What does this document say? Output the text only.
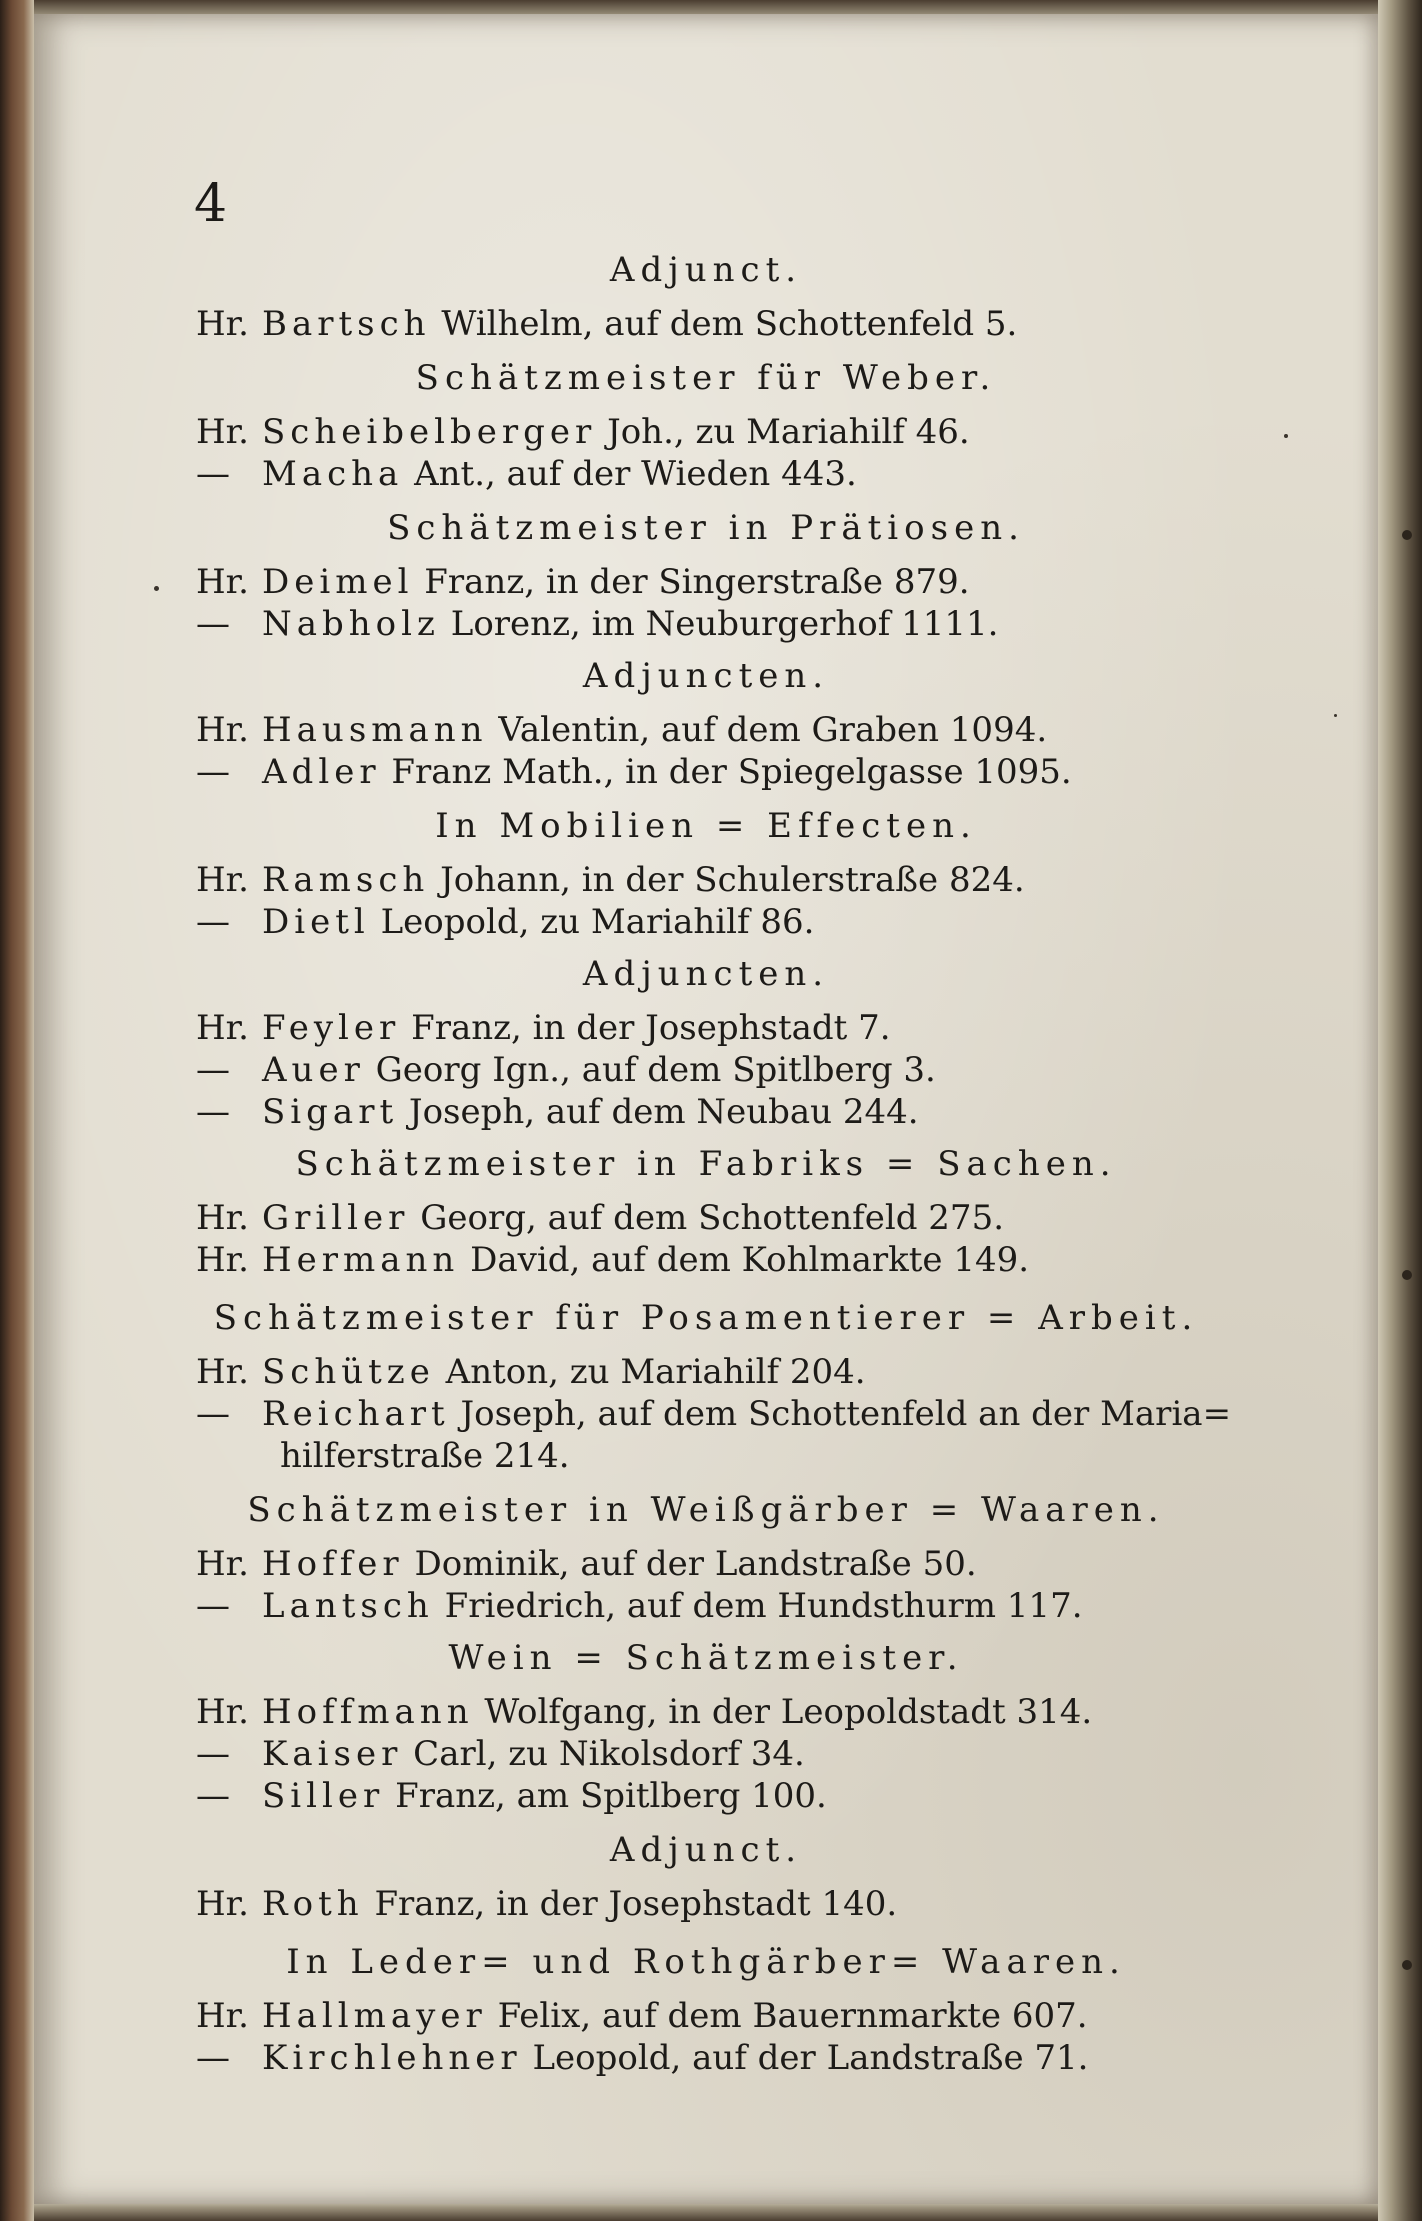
4
Adjunct.
Hr. Bartsch Wilhelm, auf dem Schottenfeld 5.
Schätzmeister für Weber.
Hr. Scheibelberger Joh., zu Mariahilf 46.
— Macha Ant., auf der Wieden 443.
Schätzmeister in Prätiosen.
Hr. Deimel Franz, in der Singerstraße 879.
— Nabholz Lorenz, im Neuburgerhof 1111.
Adjuncten.
Hr. Hausmann Valentin, auf dem Graben 1094.
— Adler Franz Math., in der Spiegelgasse 1095.
In Mobilien = Effecten.
Hr. Ramsch Johann, in der Schulerstraße 824.
— Dietl Leopold, zu Mariahilf 86.
Adjuncten.
Hr. Feyler Franz, in der Josephstadt 7.
— Auer Georg Ign., auf dem Spitlberg 3.
— Sigart Joseph, auf dem Neubau 244.
Schätzmeister in Fabriks = Sachen.
Hr. Griller Georg, auf dem Schottenfeld 275.
Hr. Hermann David, auf dem Kohlmarkte 149.
Schätzmeister für Posamentierer = Arbeit.
Hr. Schütze Anton, zu Mariahilf 204.
— Reichart Joseph, auf dem Schottenfeld an der Maria=
hilferstraße 214.
Schätzmeister in Weißgärber = Waaren.
Hr. Hoffer Dominik, auf der Landstraße 50.
— Lantsch Friedrich, auf dem Hundsthurm 117.
Wein = Schätzmeister.
Hr. Hoffmann Wolfgang, in der Leopoldstadt 314.
— Kaiser Carl, zu Nikolsdorf 34.
— Siller Franz, am Spitlberg 100.
Adjunct.
Hr. Roth Franz, in der Josephstadt 140.
In Leder= und Rothgärber= Waaren.
Hr. Hallmayer Felix, auf dem Bauernmarkte 607.
— Kirchlehner Leopold, auf der Landstraße 71.
